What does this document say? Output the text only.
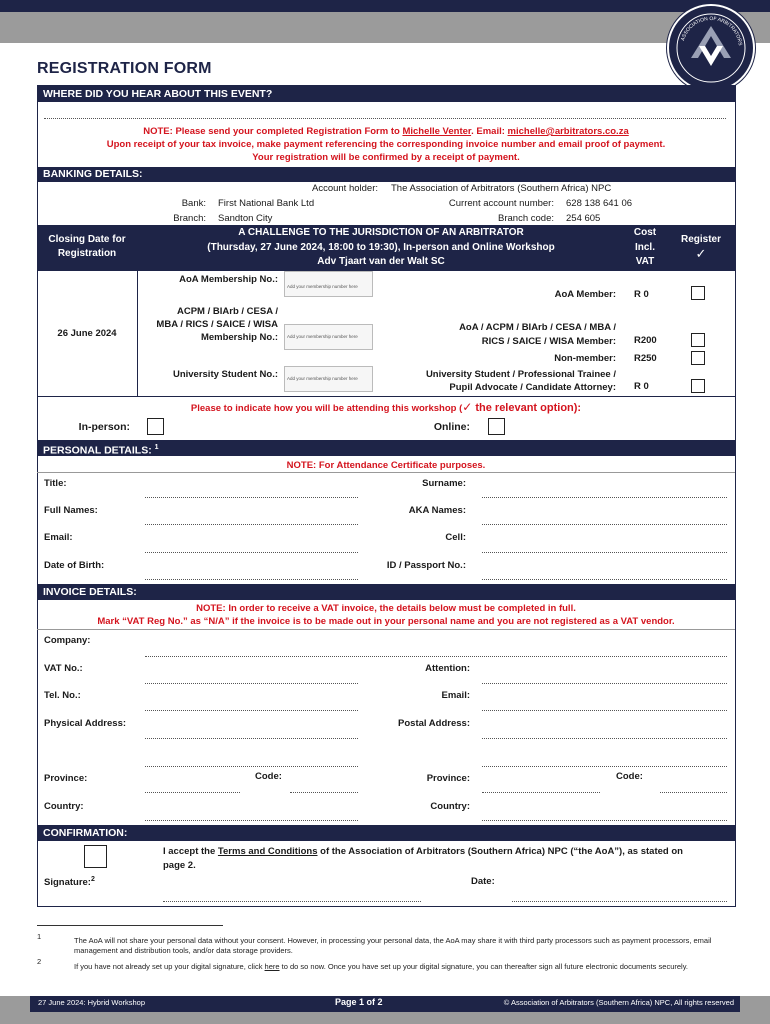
ASSOCIATION OF ARBITRATORS
REGISTRATION FORM
WHERE DID YOU HEAR ABOUT THIS EVENT?
NOTE: Please send your completed Registration Form to Michelle Venter. Email: michelle@arbitrators.co.za
Upon receipt of your tax invoice, make payment referencing the corresponding invoice number and email proof of payment.
Your registration will be confirmed by a receipt of payment.
BANKING DETAILS:
Account holder: The Association of Arbitrators (Southern Africa) NPC
Bank: First National Bank Ltd	Current account number: 628 138 641 06
Branch: Sandton City	Branch code: 254 605
Closing Date for
Registration
A CHALLENGE TO THE JURISDICTION OF AN ARBITRATOR
(Thursday, 27 June 2024, 18:00 to 19:30), In-person and Online Workshop
Adv Tjaart van der Walt SC
Cost
Incl.
VAT
Register
✓
26 June 2024
AoA Membership No.:
Add your membership number here
ACPM / BIArb / CESA /
MBA / RICS / SAICE / WISA
Membership No.: Add your membership number here
University Student No.: Add your membership number here
AoA Member: R 0
AoA / ACPM / BIArb / CESA / MBA /
RICS / SAICE / WISA Member: R200
Non-member: R250
University Student / Professional Trainee /
Pupil Advocate / Candidate Attorney: R 0
Please to indicate how you will be attending this workshop (✓ the relevant option):
In-person:	Online:
PERSONAL DETAILS: $^1$
NOTE: For Attendance Certificate purposes.
Title:	Surname:
Full Names:	AKA Names:
Email:	Cell:
Date of Birth:	ID / Passport No.:
INVOICE DETAILS:
NOTE: In order to receive a VAT invoice, the details below must be completed in full.
Mark “VAT Reg No.” as “N/A” if the invoice is to be made out in your personal name and you are not registered as a VAT vendor.
Company:
VAT No.:	Attention:
Tel. No.:	Email:
Physical Address:	Postal Address:
Province:	Code:	Province:	Code:
Country:	Country:
CONFIRMATION:
I accept the Terms and Conditions of the Association of Arbitrators (Southern Africa) NPC (“the AoA”), as stated on
page 2.
Signature:$^2$	Date:
1	The AoA will not share your personal data without your consent. However, in processing your personal data, the AoA may share it with third party processors such as payment processors, email management and distribution tools, and/or data storage providers.
2
If you have not already set up your digital signature, click here to do so now. Once you have set up your digital signature, you can thereafter sign all future electronic documents securely.
27 June 2024: Hybrid Workshop	Page 1 of 2	© Association of Arbitrators (Southern Africa) NPC, All rights reserved
